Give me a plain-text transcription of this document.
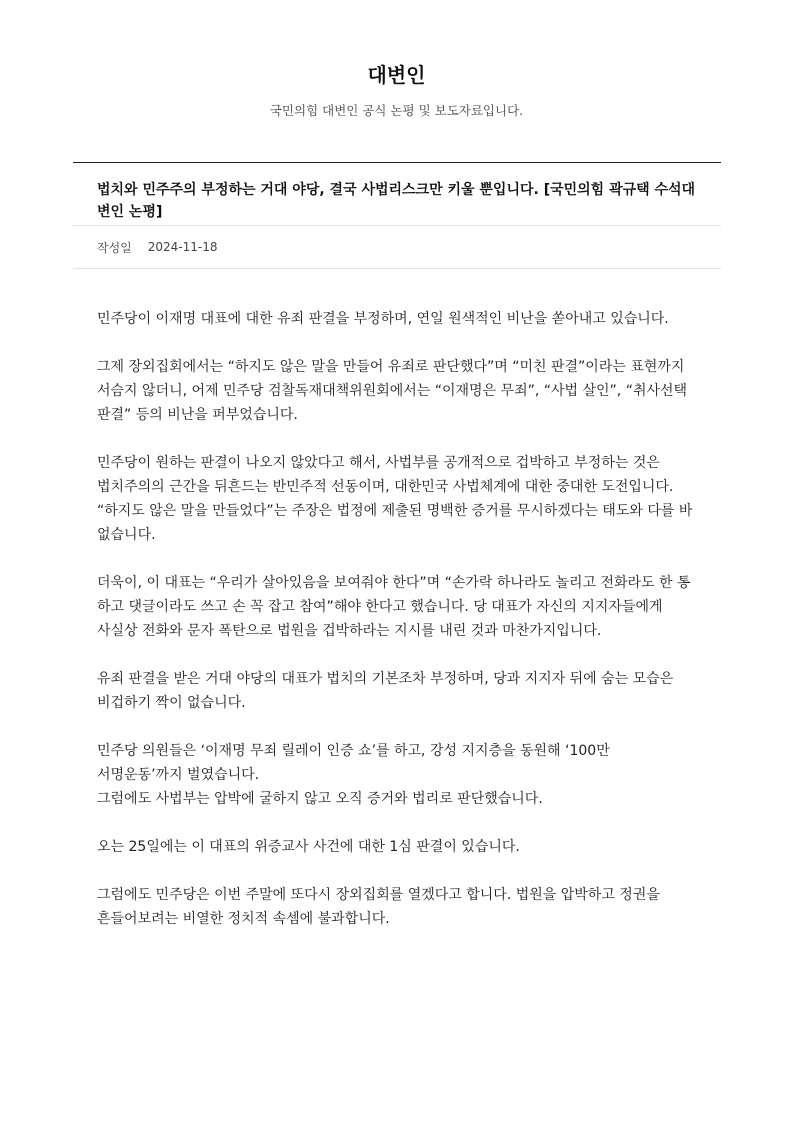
대변인
국민의힘 대변인 공식 논평 및 보도자료입니다.
법치와 민주주의 부정하는 거대 야당, 결국 사법리스크만 키울 뿐입니다. [국민의힘 곽규택 수석대변인 논평]
작성일 2024-11-18

민주당이 이재명 대표에 대한 유죄 판결을 부정하며, 연일 원색적인 비난을 쏟아내고 있습니다.

그제 장외집회에서는 “하지도 않은 말을 만들어 유죄로 판단했다”며 “미친 판결”이라는 표현까지 서슴지 않더니, 어제 민주당 검찰독재대책위원회에서는 “이재명은 무죄”, “사법 살인”, “취사선택 판결” 등의 비난을 퍼부었습니다.

민주당이 원하는 판결이 나오지 않았다고 해서, 사법부를 공개적으로 겁박하고 부정하는 것은 법치주의의 근간을 뒤흔드는 반민주적 선동이며, 대한민국 사법체계에 대한 중대한 도전입니다.
“하지도 않은 말을 만들었다”는 주장은 법정에 제출된 명백한 증거를 무시하겠다는 태도와 다를 바 없습니다.

더욱이, 이 대표는 “우리가 살아있음을 보여줘야 한다”며 “손가락 하나라도 놀리고 전화라도 한 통 하고 댓글이라도 쓰고 손 꼭 잡고 참여”해야 한다고 했습니다. 당 대표가 자신의 지지자들에게 사실상 전화와 문자 폭탄으로 법원을 겁박하라는 지시를 내린 것과 마찬가지입니다.

유죄 판결을 받은 거대 야당의 대표가 법치의 기본조차 부정하며, 당과 지지자 뒤에 숨는 모습은 비겁하기 짝이 없습니다.

민주당 의원들은 ‘이재명 무죄 릴레이 인증 쇼’를 하고, 강성 지지층을 동원해 ‘100만 서명운동’까지 벌였습니다.
그럼에도 사법부는 압박에 굴하지 않고 오직 증거와 법리로 판단했습니다.

오는 25일에는 이 대표의 위증교사 사건에 대한 1심 판결이 있습니다.

그럼에도 민주당은 이번 주말에 또다시 장외집회를 열겠다고 합니다. 법원을 압박하고 정권을 흔들어보려는 비열한 정치적 속셈에 불과합니다.
